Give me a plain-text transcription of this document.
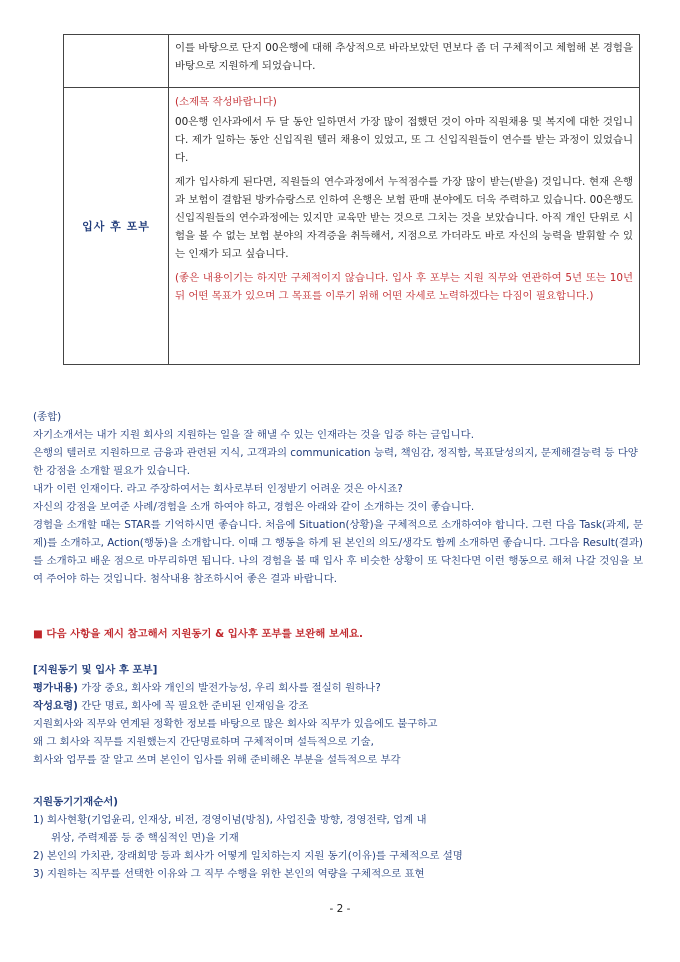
이를 바탕으로 단지 00은행에 대해 추상적으로 바라보았던 면보다 좀 더 구체적이고 체험해 본 경험을 바탕으로 지원하게 되었습니다.

입사 후 포부

(소제목 작성바랍니다)

00은행 인사과에서 두 달 동안 일하면서 가장 많이 접했던 것이 아마 직원채용 및 복지에 대한 것입니다. 제가 일하는 동안 신입직원 텔러 채용이 있었고, 또 그 신입직원들이 연수를 받는 과정이 있었습니다.

제가 입사하게 된다면, 직원들의 연수과정에서 누적점수를 가장 많이 받는(받을) 것입니다. 현재 은행과 보험이 결합된 방카슈랑스로 인하여 은행은 보험 판매 분야에도 더욱 주력하고 있습니다. 00은행도 신입직원들의 연수과정에는 있지만 교육만 받는 것으로 그치는 것을 보았습니다. 아직 개인 단위로 시험을 볼 수 없는 보험 분야의 자격증을 취득해서, 지점으로 가더라도 바로 자신의 능력을 발휘할 수 있는 인재가 되고 싶습니다.

(좋은 내용이기는 하지만 구체적이지 않습니다. 입사 후 포부는 지원 직무와 연관하여 5년 또는 10년 뒤 어떤 목표가 있으며 그 목표를 이루기 위해 어떤 자세로 노력하겠다는 다짐이 필요합니다.)

(종합)

자기소개서는 내가 지원 회사의 지원하는 일을 잘 해낼 수 있는 인재라는 것을 입증 하는 글입니다.

은행의 텔러로 지원하므로 금융과 관련된 지식, 고객과의 communication 능력, 책임감, 정직함, 목표달성의지, 문제해결능력 등 다양한 강점을 소개할 필요가 있습니다.

내가 이런 인재이다. 라고 주장하여서는 회사로부터 인정받기 어려운 것은 아시죠?

자신의 강점을 보여준 사례/경험을 소개 하여야 하고, 경험은 아래와 같이 소개하는 것이 좋습니다.

경험을 소개할 때는 STAR를 기억하시면 좋습니다. 처음에 Situation(상황)을 구체적으로 소개하여야 합니다. 그런 다음 Task(과제, 문제)를 소개하고, Action(행동)을 소개합니다. 이때 그 행동을 하게 된 본인의 의도/생각도 함께 소개하면 좋습니다. 그다음 Result(결과)를 소개하고 배운 점으로 마무리하면 됩니다. 나의 경험을 볼 때 입사 후 비슷한 상황이 또 닥친다면 이런 행동으로 해쳐 나갈 것임을 보여 주어야 하는 것입니다. 첨삭내용 참조하시어 좋은 결과 바랍니다.

■ 다음 사항을 제시 참고해서 지원동기 & 입사후 포부를 보완해 보세요.

[지원동기 및 입사 후 포부]

평가내용) 가장 중요, 회사와 개인의 발전가능성, 우리 회사를 절실히 원하나?

작성요령) 간단 명료, 회사에 꼭 필요한 준비된 인재임을 강조

지원회사와 직무와 연계된 정확한 정보를 바탕으로 많은 회사와 직무가 있음에도 불구하고

왜 그 회사와 직무를 지원했는지 간단명료하며 구체적이며 설득적으로 기술,

회사와 업무를 잘 알고 쓰며 본인이 입사를 위해 준비해온 부분을 설득적으로 부각

지원동기기재순서)

1) 회사현황(기업윤리, 인재상, 비전, 경영이념(방침), 사업진출 방향, 경영전략, 업계 내

위상, 주력제품 등 중 핵심적인 면)을 기재

2) 본인의 가치관, 장래희망 등과 회사가 어떻게 일치하는지 지원 동기(이유)를 구체적으로 설명

3) 지원하는 직무를 선택한 이유와 그 직무 수행을 위한 본인의 역량을 구체적으로 표현

- 2 -
